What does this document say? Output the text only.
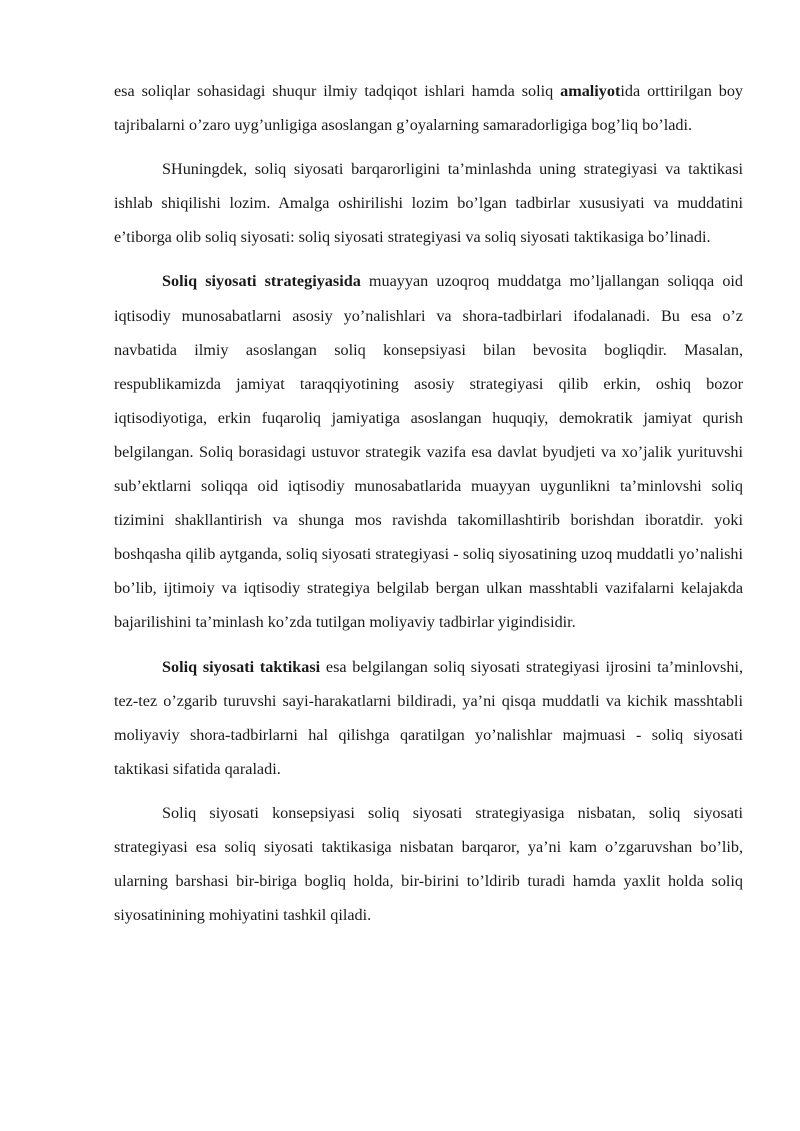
esa soliqlar sohasidagi shuqur ilmiy tadqiqot ishlari hamda soliq amaliyotida orttirilgan boy tajribalarni o’zaro uyg’unligiga asoslangan g’oyalarning samaradorligiga bog’liq bo’ladi.

SHuningdek, soliq siyosati barqarorligini ta’minlashda uning strategiyasi va taktikasi ishlab shiqilishi lozim. Amalga oshirilishi lozim bo’lgan tadbirlar xususiyati va muddatini e’tiborga olib soliq siyosati: soliq siyosati strategiyasi va soliq siyosati taktikasiga bo’linadi.

Soliq siyosati strategiyasida muayyan uzoqroq muddatga mo’ljallangan soliqqa oid iqtisodiy munosabatlarni asosiy yo’nalishlari va shora-tadbirlari ifodalanadi. Bu esa o’z navbatida ilmiy asoslangan soliq konsepsiyasi bilan bevosita bogliqdir. Masalan, respublikamizda jamiyat taraqqiyotining asosiy strategiyasi qilib erkin, oshiq bozor iqtisodiyotiga, erkin fuqaroliq jamiyatiga asoslangan huquqiy, demokratik jamiyat qurish belgilangan. Soliq borasidagi ustuvor strategik vazifa esa davlat byudjeti va xo’jalik yurituvshi sub’ektlarni soliqqa oid iqtisodiy munosabatlarida muayyan uygunlikni ta’minlovshi soliq tizimini shakllantirish va shunga mos ravishda takomillashtirib borishdan iboratdir. yoki boshqasha qilib aytganda, soliq siyosati strategiyasi - soliq siyosatining uzoq muddatli yo’nalishi bo’lib, ijtimoiy va iqtisodiy strategiya belgilab bergan ulkan masshtabli vazifalarni kelajakda bajarilishini ta’minlash ko’zda tutilgan moliyaviy tadbirlar yigindisidir.

Soliq siyosati taktikasi esa belgilangan soliq siyosati strategiyasi ijrosini ta’minlovshi, tez-tez o’zgarib turuvshi sayi-harakatlarni bildiradi, ya’ni qisqa muddatli va kichik masshtabli moliyaviy shora-tadbirlarni hal qilishga qaratilgan yo’nalishlar majmuasi - soliq siyosati taktikasi sifatida qaraladi.

Soliq siyosati konsepsiyasi soliq siyosati strategiyasiga nisbatan, soliq siyosati strategiyasi esa soliq siyosati taktikasiga nisbatan barqaror, ya’ni kam o’zgaruvshan bo’lib, ularning barshasi bir-biriga bogliq holda, bir-birini to’ldirib turadi hamda yaxlit holda soliq siyosatinining mohiyatini tashkil qiladi.
